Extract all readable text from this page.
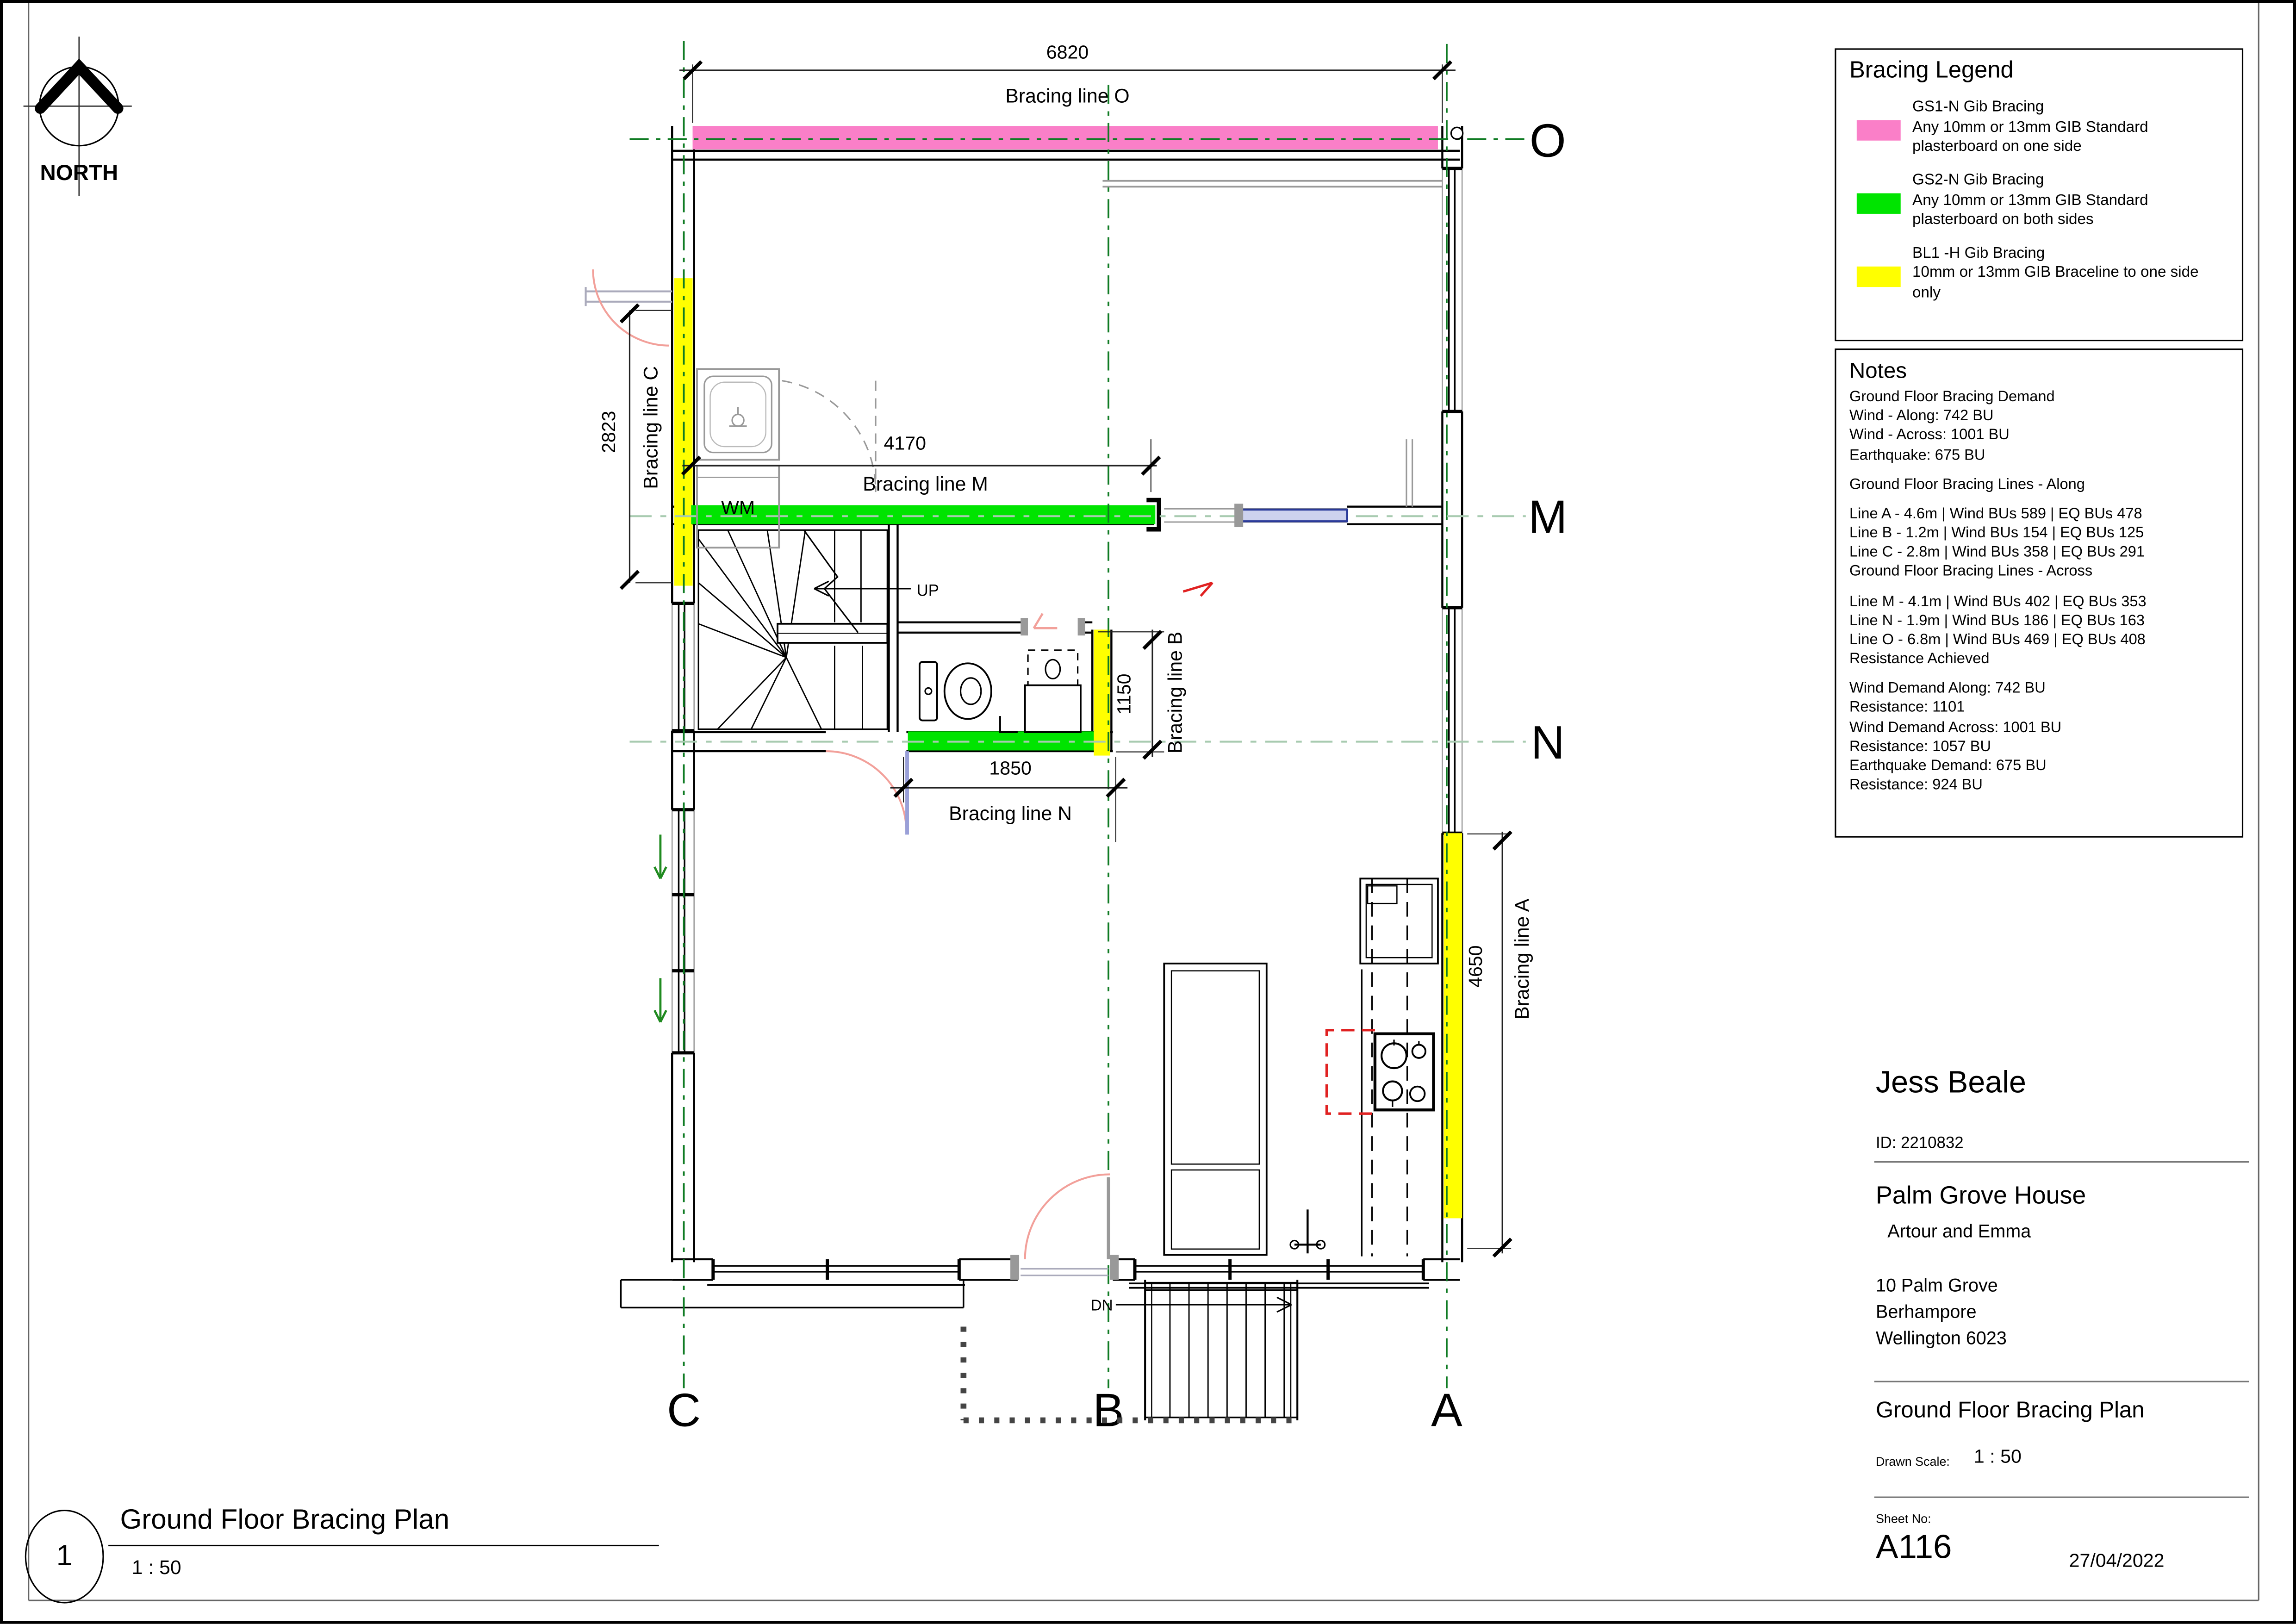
NORTH
O
M
N
A
B
C
UP
WM
DN
6820
2823	4170
1850
1150
4650
Bracing line O
Bracing line C	Bracing line M
Bracing line N
Bracing line B
Bracing line A
Bracing Legend
GS1-N Gib Bracing
Any 10mm or 13mm GIB Standard plasterboard on one side
GS2-N Gib Bracing
Any 10mm or 13mm GIB Standard plasterboard on both sides
BL1 -H Gib Bracing
10mm or 13mm GIB Braceline to one side only
Notes
Ground Floor Bracing Demand
Wind - Along: 742 BU
Wind - Across: 1001 BU
Earthquake: 675 BU
Ground Floor Bracing Lines - Along
Line A - 4.6m | Wind BUs 589 | EQ BUs 478
Line B - 1.2m | Wind BUs 154 | EQ BUs 125
Line C - 2.8m | Wind BUs 358 | EQ BUs 291
Ground Floor Bracing Lines - Across
Line M - 4.1m | Wind BUs 402 | EQ BUs 353
Line N - 1.9m | Wind BUs 186 | EQ BUs 163
Line O - 6.8m | Wind BUs 469 | EQ BUs 408
Resistance Achieved
Wind Demand Along: 742 BU
Resistance: 1101
Wind Demand Across: 1001 BU
Resistance: 1057 BU
Earthquake Demand: 675 BU
Resistance: 924 BU
Jess Beale
ID: 2210832
Palm Grove House
Artour and Emma
10 Palm Grove
Berhampore
Wellington 6023
Ground Floor Bracing Plan
Drawn Scale:	1 : 50
Sheet No:
A116	27/04/2022
1
Ground Floor Bracing Plan
1 : 50
